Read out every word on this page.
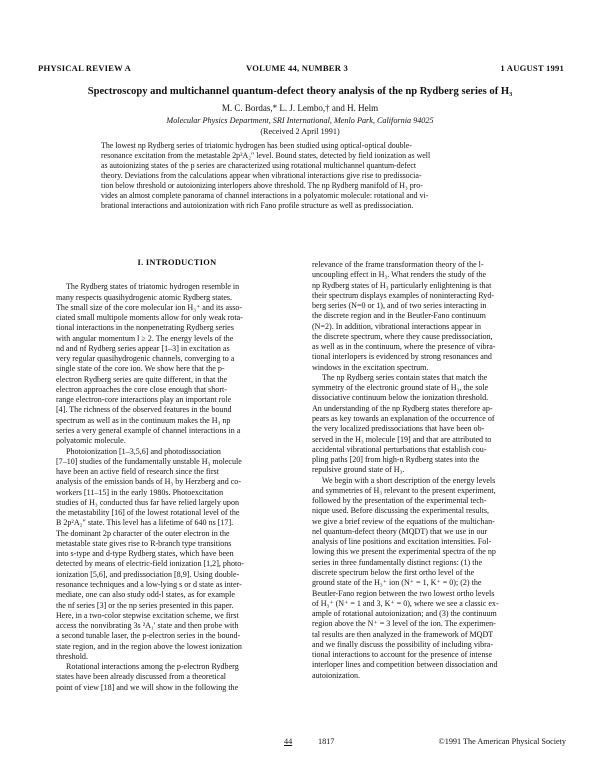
PHYSICAL REVIEW A	VOLUME 44, NUMBER 3	1 AUGUST 1991
Spectroscopy and multichannel quantum-defect theory analysis of the np Rydberg series of H₃
M. C. Bordas,* L. J. Lembo,† and H. Helm
Molecular Physics Department, SRI International, Menlo Park, California 94025
(Received 2 April 1991)
The lowest np Rydberg series of triatomic hydrogen has been studied using optical-optical double-
resonance excitation from the metastable 2p²A₂″ level. Bound states, detected by field ionization as well
as autoionizing states of the p series are characterized using rotational multichannel quantum-defect
theory. Deviations from the calculations appear when vibrational interactions give rise to predissocia-
tion below threshold or autoionizing interlopers above threshold. The np Rydberg manifold of H₃ pro-
vides an almost complete panorama of channel interactions in a polyatomic molecule: rotational and vi-
brational interactions and autoionization with rich Fano profile structure as well as predissociation.
I. INTRODUCTION
The Rydberg states of triatomic hydrogen resemble in
many respects quasihydrogenic atomic Rydberg states.
The small size of the core molecular ion H₃⁺ and its asso-
ciated small multipole moments allow for only weak rota-
tional interactions in the nonpenetrating Rydberg series
with angular momentum l ≥ 2. The energy levels of the
nd and nf Rydberg series appear [1–3] in excitation as
very regular quasihydrogenic channels, converging to a
single state of the core ion. We show here that the p-
electron Rydberg series are quite different, in that the
electron approaches the core close enough that short-
range electron-core interactions play an important role
[4]. The richness of the observed features in the bound
spectrum as well as in the continuum makes the H₃ np
series a very general example of channel interactions in a
polyatomic molecule.
Photoionization [1–3,5,6] and photodissociation
[7–10] studies of the fundamentally unstable H₃ molecule
have been an active field of research since the first
analysis of the emission bands of H₃ by Herzberg and co-
workers [11–15] in the early 1980s. Photoexcitation
studies of H₃ conducted thus far have relied largely upon
the metastability [16] of the lowest rotational level of the
B 2p²A₂″ state. This level has a lifetime of 640 ns [17].
The dominant 2p character of the outer electron in the
metastable state gives rise to R-branch type transitions
into s-type and d-type Rydberg states, which have been
detected by means of electric-field ionization [1,2], photo-
ionization [5,6], and predissociation [8,9]. Using double-
resonance techniques and a low-lying s or d state as inter-
mediate, one can also study odd-l states, as for example
the nf series [3] or the np series presented in this paper.
Here, in a two-color stepwise excitation scheme, we first
access the nonvibrating 3s ²A₁′ state and then probe with
a second tunable laser, the p-electron series in the bound-
state region, and in the region above the lowest ionization
threshold.
Rotational interactions among the p-electron Rydberg
states have been already discussed from a theoretical
point of view [18] and we will show in the following the
relevance of the frame transformation theory of the l-
uncoupling effect in H₃. What renders the study of the
np Rydberg states of H₃ particularly enlightening is that
their spectrum displays examples of noninteracting Ryd-
berg series (N=0 or 1), and of two series interacting in
the discrete region and in the Beutler-Fano continuum
(N=2). In addition, vibrational interactions appear in
the discrete spectrum, where they cause predissociation,
as well as in the continuum, where the presence of vibra-
tional interlopers is evidenced by strong resonances and
windows in the excitation spectrum.
The np Rydberg series contain states that match the
symmetry of the electronic ground state of H₃, the sole
dissociative continuum below the ionization threshold.
An understanding of the np Rydberg states therefore ap-
pears as key towards an explanation of the occurrence of
the very localized predissociations that have been ob-
served in the H₃ molecule [19] and that are attributed to
accidental vibrational perturbations that establish cou-
pling paths [20] from high-n Rydberg states into the
repulsive ground state of H₃.
We begin with a short description of the energy levels
and symmetries of H₃ relevant to the present experiment,
followed by the presentation of the experimental tech-
nique used. Before discussing the experimental results,
we give a brief review of the equations of the multichan-
nel quantum-defect theory (MQDT) that we use in our
analysis of line positions and excitation intensities. Fol-
lowing this we present the experimental spectra of the np
series in three fundamentally distinct regions: (1) the
discrete spectrum below the first ortho level of the
ground state of the H₃⁺ ion (N⁺ = 1, K⁺ = 0); (2) the
Beutler-Fano region between the two lowest ortho levels
of H₃⁺ (N⁺ = 1 and 3, K⁺ = 0), where we see a classic ex-
ample of rotational autoionization; and (3) the continuum
region above the N⁺ = 3 level of the ion. The experimen-
tal results are then analyzed in the framework of MQDT
and we finally discuss the possibility of including vibra-
tional interactions to account for the presence of intense
interloper lines and competition between dissociation and
autoionization.
44	1817	©1991 The American Physical Society
